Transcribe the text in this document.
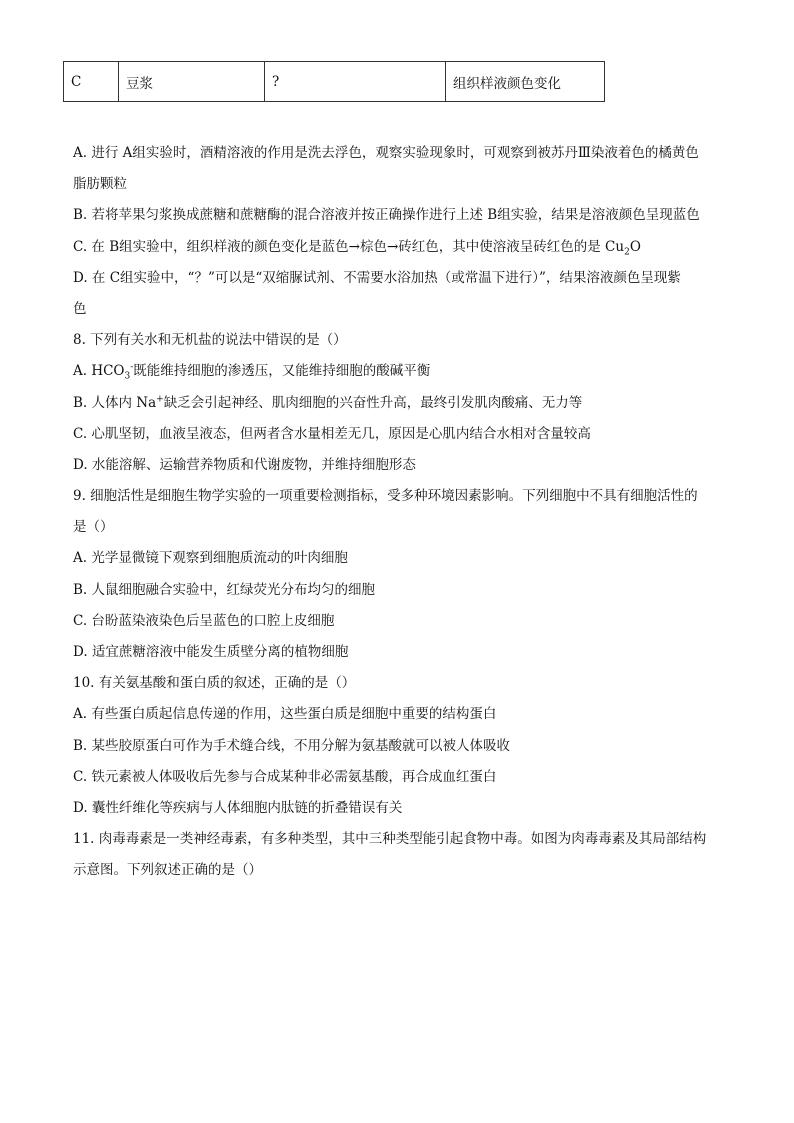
C	豆浆	?	组织样液颜色变化
A. 进行 A组实验时，酒精溶液的作用是洗去浮色，观察实验现象时，可观察到被苏丹Ⅲ染液着色的橘黄色
脂肪颗粒
B. 若将苹果匀浆换成蔗糖和蔗糖酶的混合溶液并按正确操作进行上述 B组实验，结果是溶液颜色呈现蓝色
C. 在 B组实验中，组织样液的颜色变化是蓝色→棕色→砖红色，其中使溶液呈砖红色的是 $Cu_2O$
D. 在 C组实验中，“？”可以是“双缩脲试剂、不需要水浴加热（或常温下进行）”，结果溶液颜色呈现紫
色
8. 下列有关水和无机盐的说法中错误的是（）
A. $HCO_3^-$既能维持细胞的渗透压，又能维持细胞的酸碱平衡
B. 人体内 Na+缺乏会引起神经、肌肉细胞的兴奋性升高，最终引发肌肉酸痛、无力等
C. 心肌坚韧，血液呈液态，但两者含水量相差无几，原因是心肌内结合水相对含量较高
D. 水能溶解、运输营养物质和代谢废物，并维持细胞形态
9. 细胞活性是细胞生物学实验的一项重要检测指标，受多种环境因素影响。下列细胞中不具有细胞活性的
是（）
A. 光学显微镜下观察到细胞质流动的叶肉细胞
B. 人鼠细胞融合实验中，红绿荧光分布均匀的细胞
C. 台盼蓝染液染色后呈蓝色的口腔上皮细胞
D. 适宜蔗糖溶液中能发生质壁分离的植物细胞
10. 有关氨基酸和蛋白质的叙述，正确的是（）
A. 有些蛋白质起信息传递的作用，这些蛋白质是细胞中重要的结构蛋白
B. 某些胶原蛋白可作为手术缝合线，不用分解为氨基酸就可以被人体吸收
C. 铁元素被人体吸收后先参与合成某种非必需氨基酸，再合成血红蛋白
D. 囊性纤维化等疾病与人体细胞内肽链的折叠错误有关
11. 肉毒毒素是一类神经毒素，有多种类型，其中三种类型能引起食物中毒。如图为肉毒毒素及其局部结构
示意图。下列叙述正确的是（）
